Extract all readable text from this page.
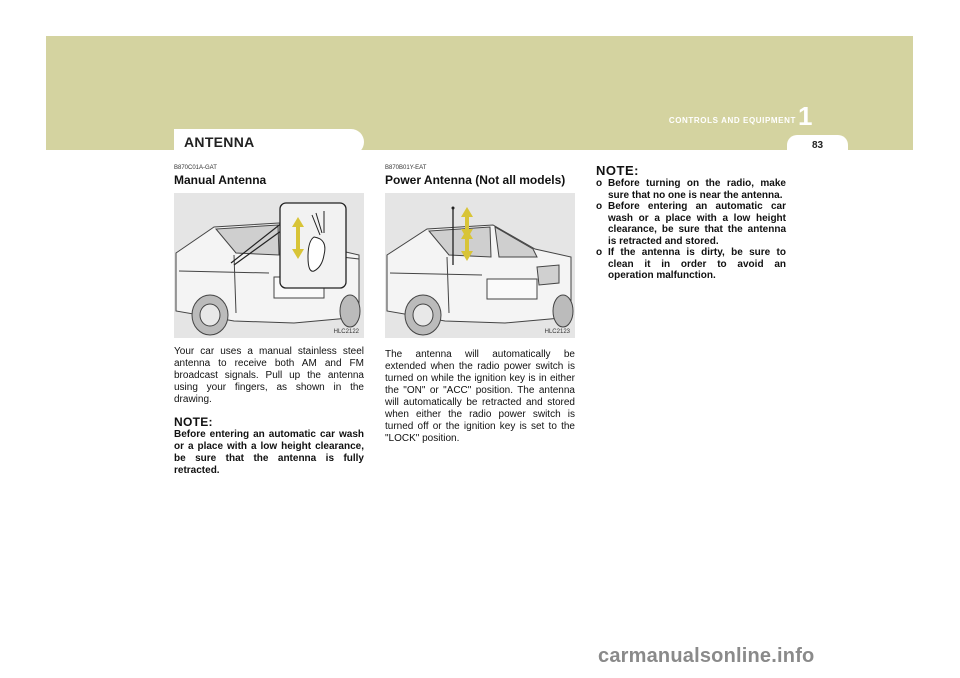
CONTROLS AND EQUIPMENT 1
83
ANTENNA
B870C01A-GAT
Manual Antenna
HLC2122
Your car uses a manual stainless steel antenna to receive both AM and FM broadcast signals. Pull up the antenna using your fingers, as shown in the drawing.
NOTE:
Before entering an automatic car wash or a place with a low height clearance, be sure that the antenna is fully retracted.
B870B01Y-EAT
Power Antenna (Not all models)
HLC2123
The antenna will automatically be extended when the radio power switch is turned on while the ignition key is in either the "ON" or "ACC" position. The antenna will automatically be retracted and stored when either the radio power switch is turned off or the ignition key is set to the "LOCK" position.
NOTE:
o Before turning on the radio, make sure that no one is near the antenna.
o Before entering an automatic car wash or a place with a low height clearance, be sure that the antenna is retracted and stored.
o If the antenna is dirty, be sure to clean it in order to avoid an operation malfunction.
carmanualsonline.info
